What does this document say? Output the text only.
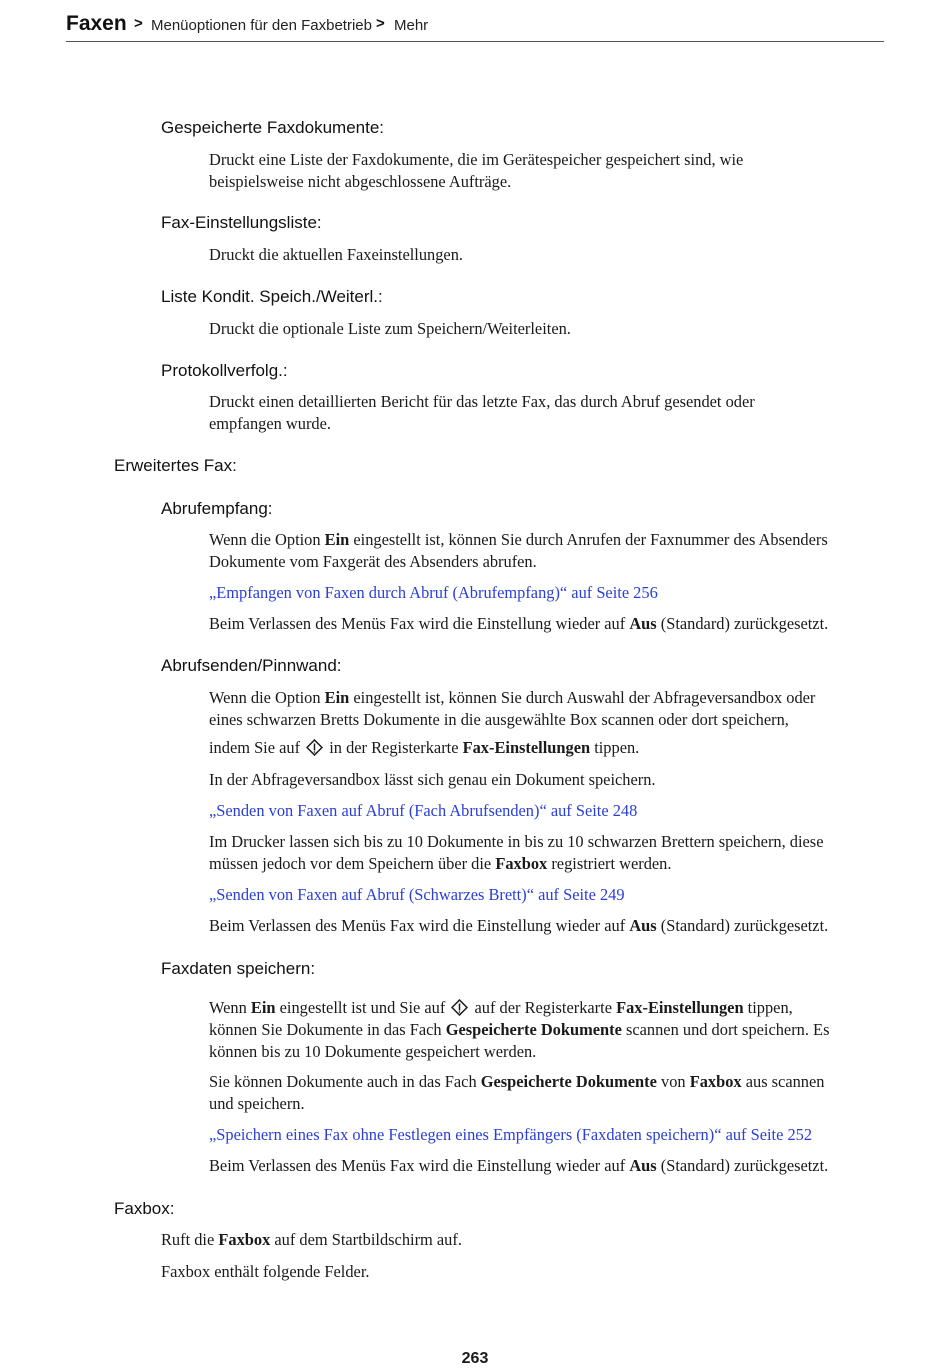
Faxen > Menüoptionen für den Faxbetrieb > Mehr
Gespeicherte Faxdokumente:
Druckt eine Liste der Faxdokumente, die im Gerätespeicher gespeichert sind, wie
beispielsweise nicht abgeschlossene Aufträge.
Fax-Einstellungsliste:
Druckt die aktuellen Faxeinstellungen.
Liste Kondit. Speich./Weiterl.:
Druckt die optionale Liste zum Speichern/Weiterleiten.
Protokollverfolg.:
Druckt einen detaillierten Bericht für das letzte Fax, das durch Abruf gesendet oder
empfangen wurde.
Erweitertes Fax:
Abrufempfang:
Wenn die Option Ein eingestellt ist, können Sie durch Anrufen der Faxnummer des Absenders
Dokumente vom Faxgerät des Absenders abrufen.
„Empfangen von Faxen durch Abruf (Abrufempfang)“ auf Seite 256
Beim Verlassen des Menüs Fax wird die Einstellung wieder auf Aus (Standard) zurückgesetzt.
Abrufsenden/Pinnwand:
Wenn die Option Ein eingestellt ist, können Sie durch Auswahl der Abfrageversandbox oder
eines schwarzen Bretts Dokumente in die ausgewählte Box scannen oder dort speichern,
indem Sie auf  in der Registerkarte Fax-Einstellungen tippen.
In der Abfrageversandbox lässt sich genau ein Dokument speichern.
„Senden von Faxen auf Abruf (Fach Abrufsenden)“ auf Seite 248
Im Drucker lassen sich bis zu 10 Dokumente in bis zu 10 schwarzen Brettern speichern, diese
müssen jedoch vor dem Speichern über die Faxbox registriert werden.
„Senden von Faxen auf Abruf (Schwarzes Brett)“ auf Seite 249
Beim Verlassen des Menüs Fax wird die Einstellung wieder auf Aus (Standard) zurückgesetzt.
Faxdaten speichern:
Wenn Ein eingestellt ist und Sie auf  auf der Registerkarte Fax-Einstellungen tippen,
können Sie Dokumente in das Fach Gespeicherte Dokumente scannen und dort speichern. Es
können bis zu 10 Dokumente gespeichert werden.
Sie können Dokumente auch in das Fach Gespeicherte Dokumente von Faxbox aus scannen
und speichern.
„Speichern eines Fax ohne Festlegen eines Empfängers (Faxdaten speichern)“ auf Seite 252
Beim Verlassen des Menüs Fax wird die Einstellung wieder auf Aus (Standard) zurückgesetzt.
Faxbox:
Ruft die Faxbox auf dem Startbildschirm auf.
Faxbox enthält folgende Felder.
263
